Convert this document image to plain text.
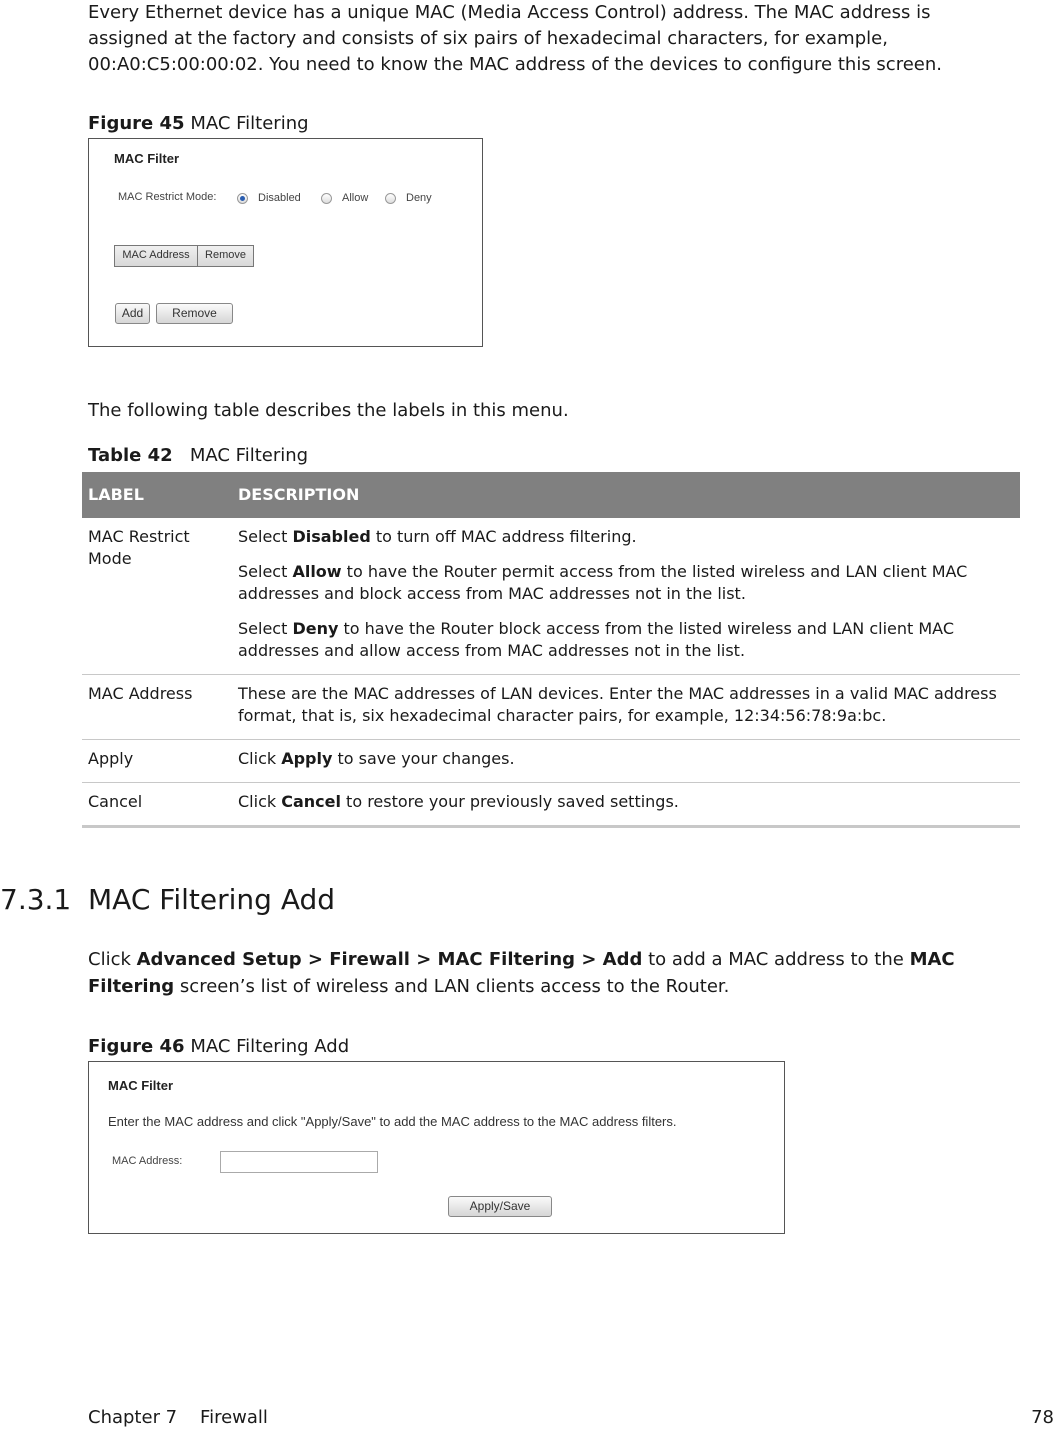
Every Ethernet device has a unique MAC (Media Access Control) address. The MAC address is assigned at the factory and consists of six pairs of hexadecimal characters, for example, 00:A0:C5:00:00:02. You need to know the MAC address of the devices to configure this screen.
Figure 45 MAC Filtering
MAC Filter
MAC Restrict Mode:	Disabled	Allow	Deny
MAC Address	Remove
Add	Remove
The following table describes the labels in this menu.
Table 42 MAC Filtering
LABEL	DESCRIPTION
MAC Restrict Mode	Select Disabled to turn off MAC address filtering.

Select Allow to have the Router permit access from the listed wireless and LAN client MAC addresses and block access from MAC addresses not in the list.

Select Deny to have the Router block access from the listed wireless and LAN client MAC addresses and allow access from MAC addresses not in the list.

MAC Address	These are the MAC addresses of LAN devices. Enter the MAC addresses in a valid MAC address format, that is, six hexadecimal character pairs, for example, 12:34:56:78:9a:bc.

Apply	Click Apply to save your changes.

Cancel	Click Cancel to restore your previously saved settings.

7.3.1 MAC Filtering Add
Click Advanced Setup > Firewall > MAC Filtering > Add to add a MAC address to the MAC Filtering screen’s list of wireless and LAN clients access to the Router.
Figure 46 MAC Filtering Add
MAC Filter
Enter the MAC address and click "Apply/Save" to add the MAC address to the MAC address filters.
MAC Address:
Apply/Save
Chapter 7 Firewall	78
